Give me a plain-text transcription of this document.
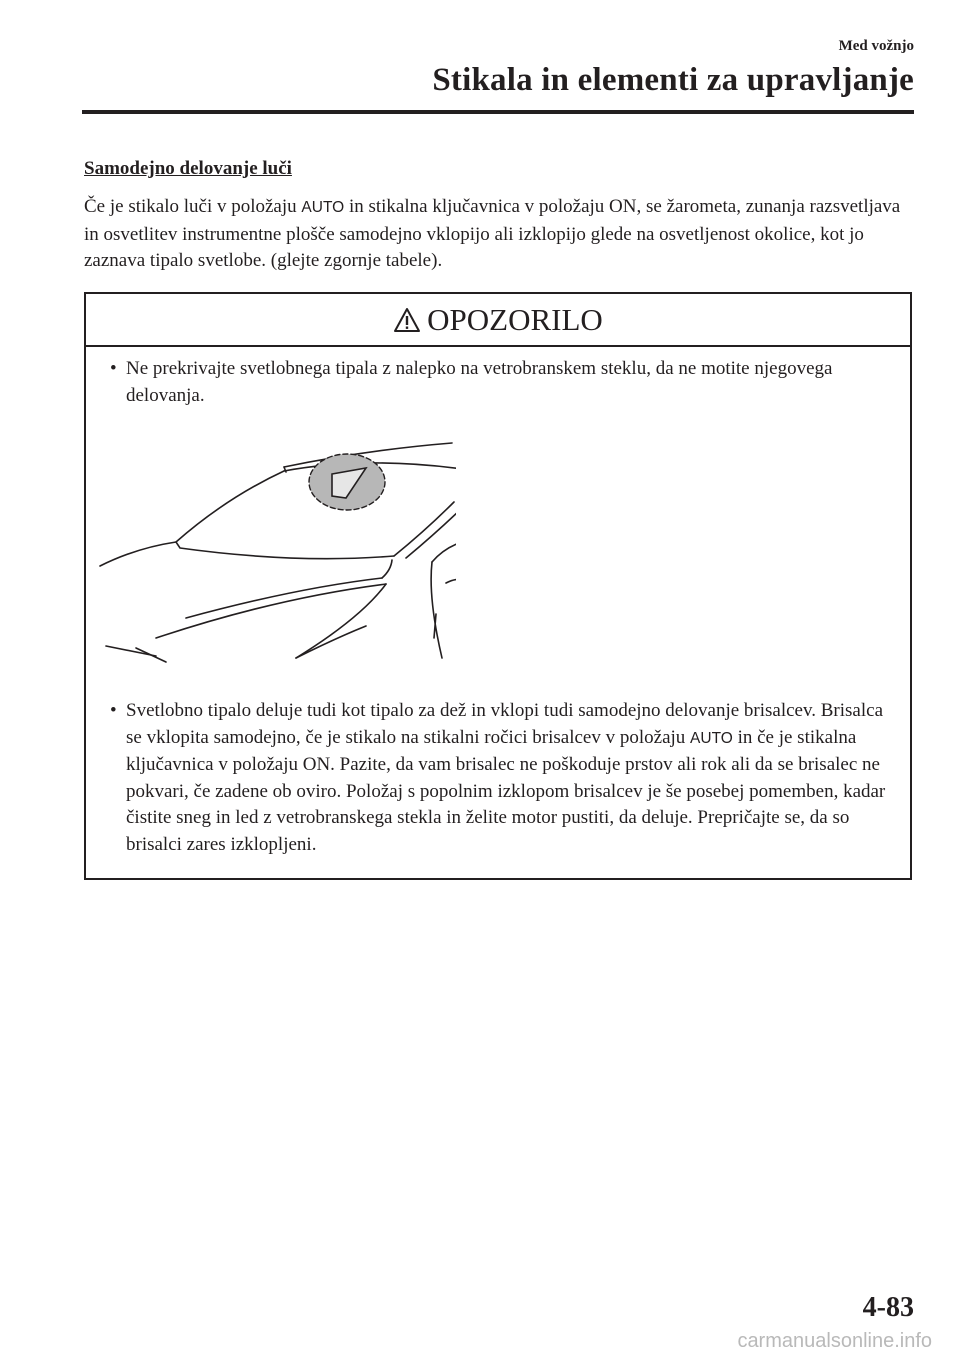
Med vožnjo
Stikala in elementi za upravljanje
Samodejno delovanje luči
Če je stikalo luči v položaju AUTO in stikalna ključavnica v položaju ON, se žarometa, zunanja razsvetljava in osvetlitev instrumentne plošče samodejno vklopijo ali izklopijo glede na osvetljenost okolice, kot jo zaznava tipalo svetlobe. (glejte zgornje tabele).
OPOZORILO
• Ne prekrivajte svetlobnega tipala z nalepko na vetrobranskem steklu, da ne motite njegovega delovanja.
• Svetlobno tipalo deluje tudi kot tipalo za dež in vklopi tudi samodejno delovanje brisalcev. Brisalca se vklopita samodejno, če je stikalo na stikalni ročici brisalcev v položaju AUTO in če je stikalna ključavnica v položaju ON. Pazite, da vam brisalec ne poškoduje prstov ali rok ali da se brisalec ne pokvari, če zadene ob oviro. Položaj s popolnim izklopom brisalcev je še posebej pomemben, kadar čistite sneg in led z vetrobranskega stekla in želite motor pustiti, da deluje. Prepričajte se, da so brisalci zares izklopljeni.
4-83
carmanualsonline.info
